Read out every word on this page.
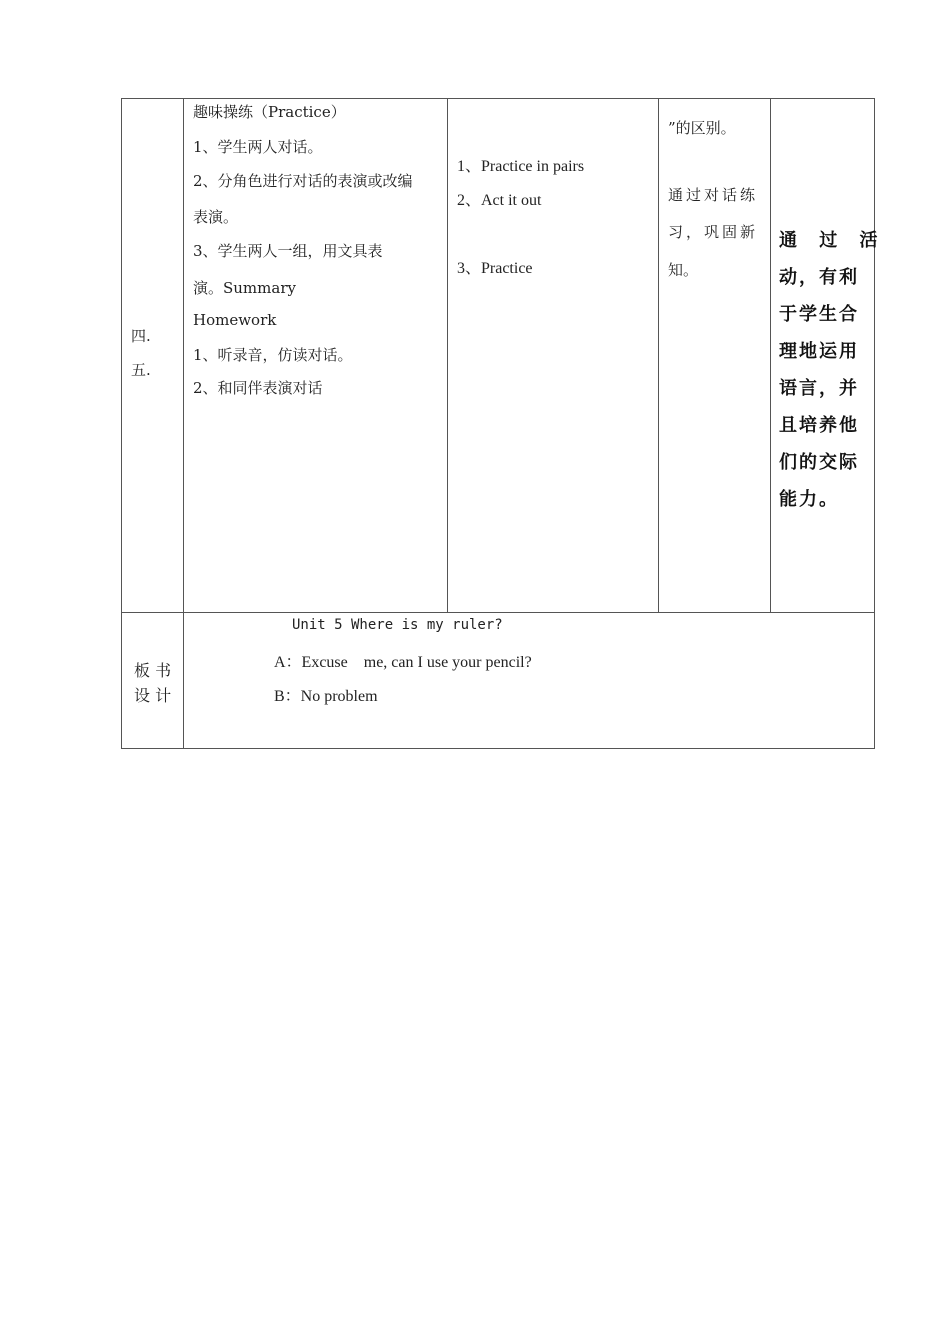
四.
五.
趣味操练（Practice）
1、学生两人对话。
2、分角色进行对话的表演或改编
表演。
3、学生两人一组，用文具表
演。Summary
Homework
1、听录音，仿读对话。
2、和同伴表演对话
1、Practice in pairs
2、Act it out
3、Practice
”的区别。
通过对话练
习，巩固新
知。
通 过 活
动，有利
于学生合
理地运用
语言，并
且培养他
们的交际
能力。
板 书
设 计
Unit 5 Where is my ruler?
A：Excuse    me, can I use your pencil?
B：No problem
